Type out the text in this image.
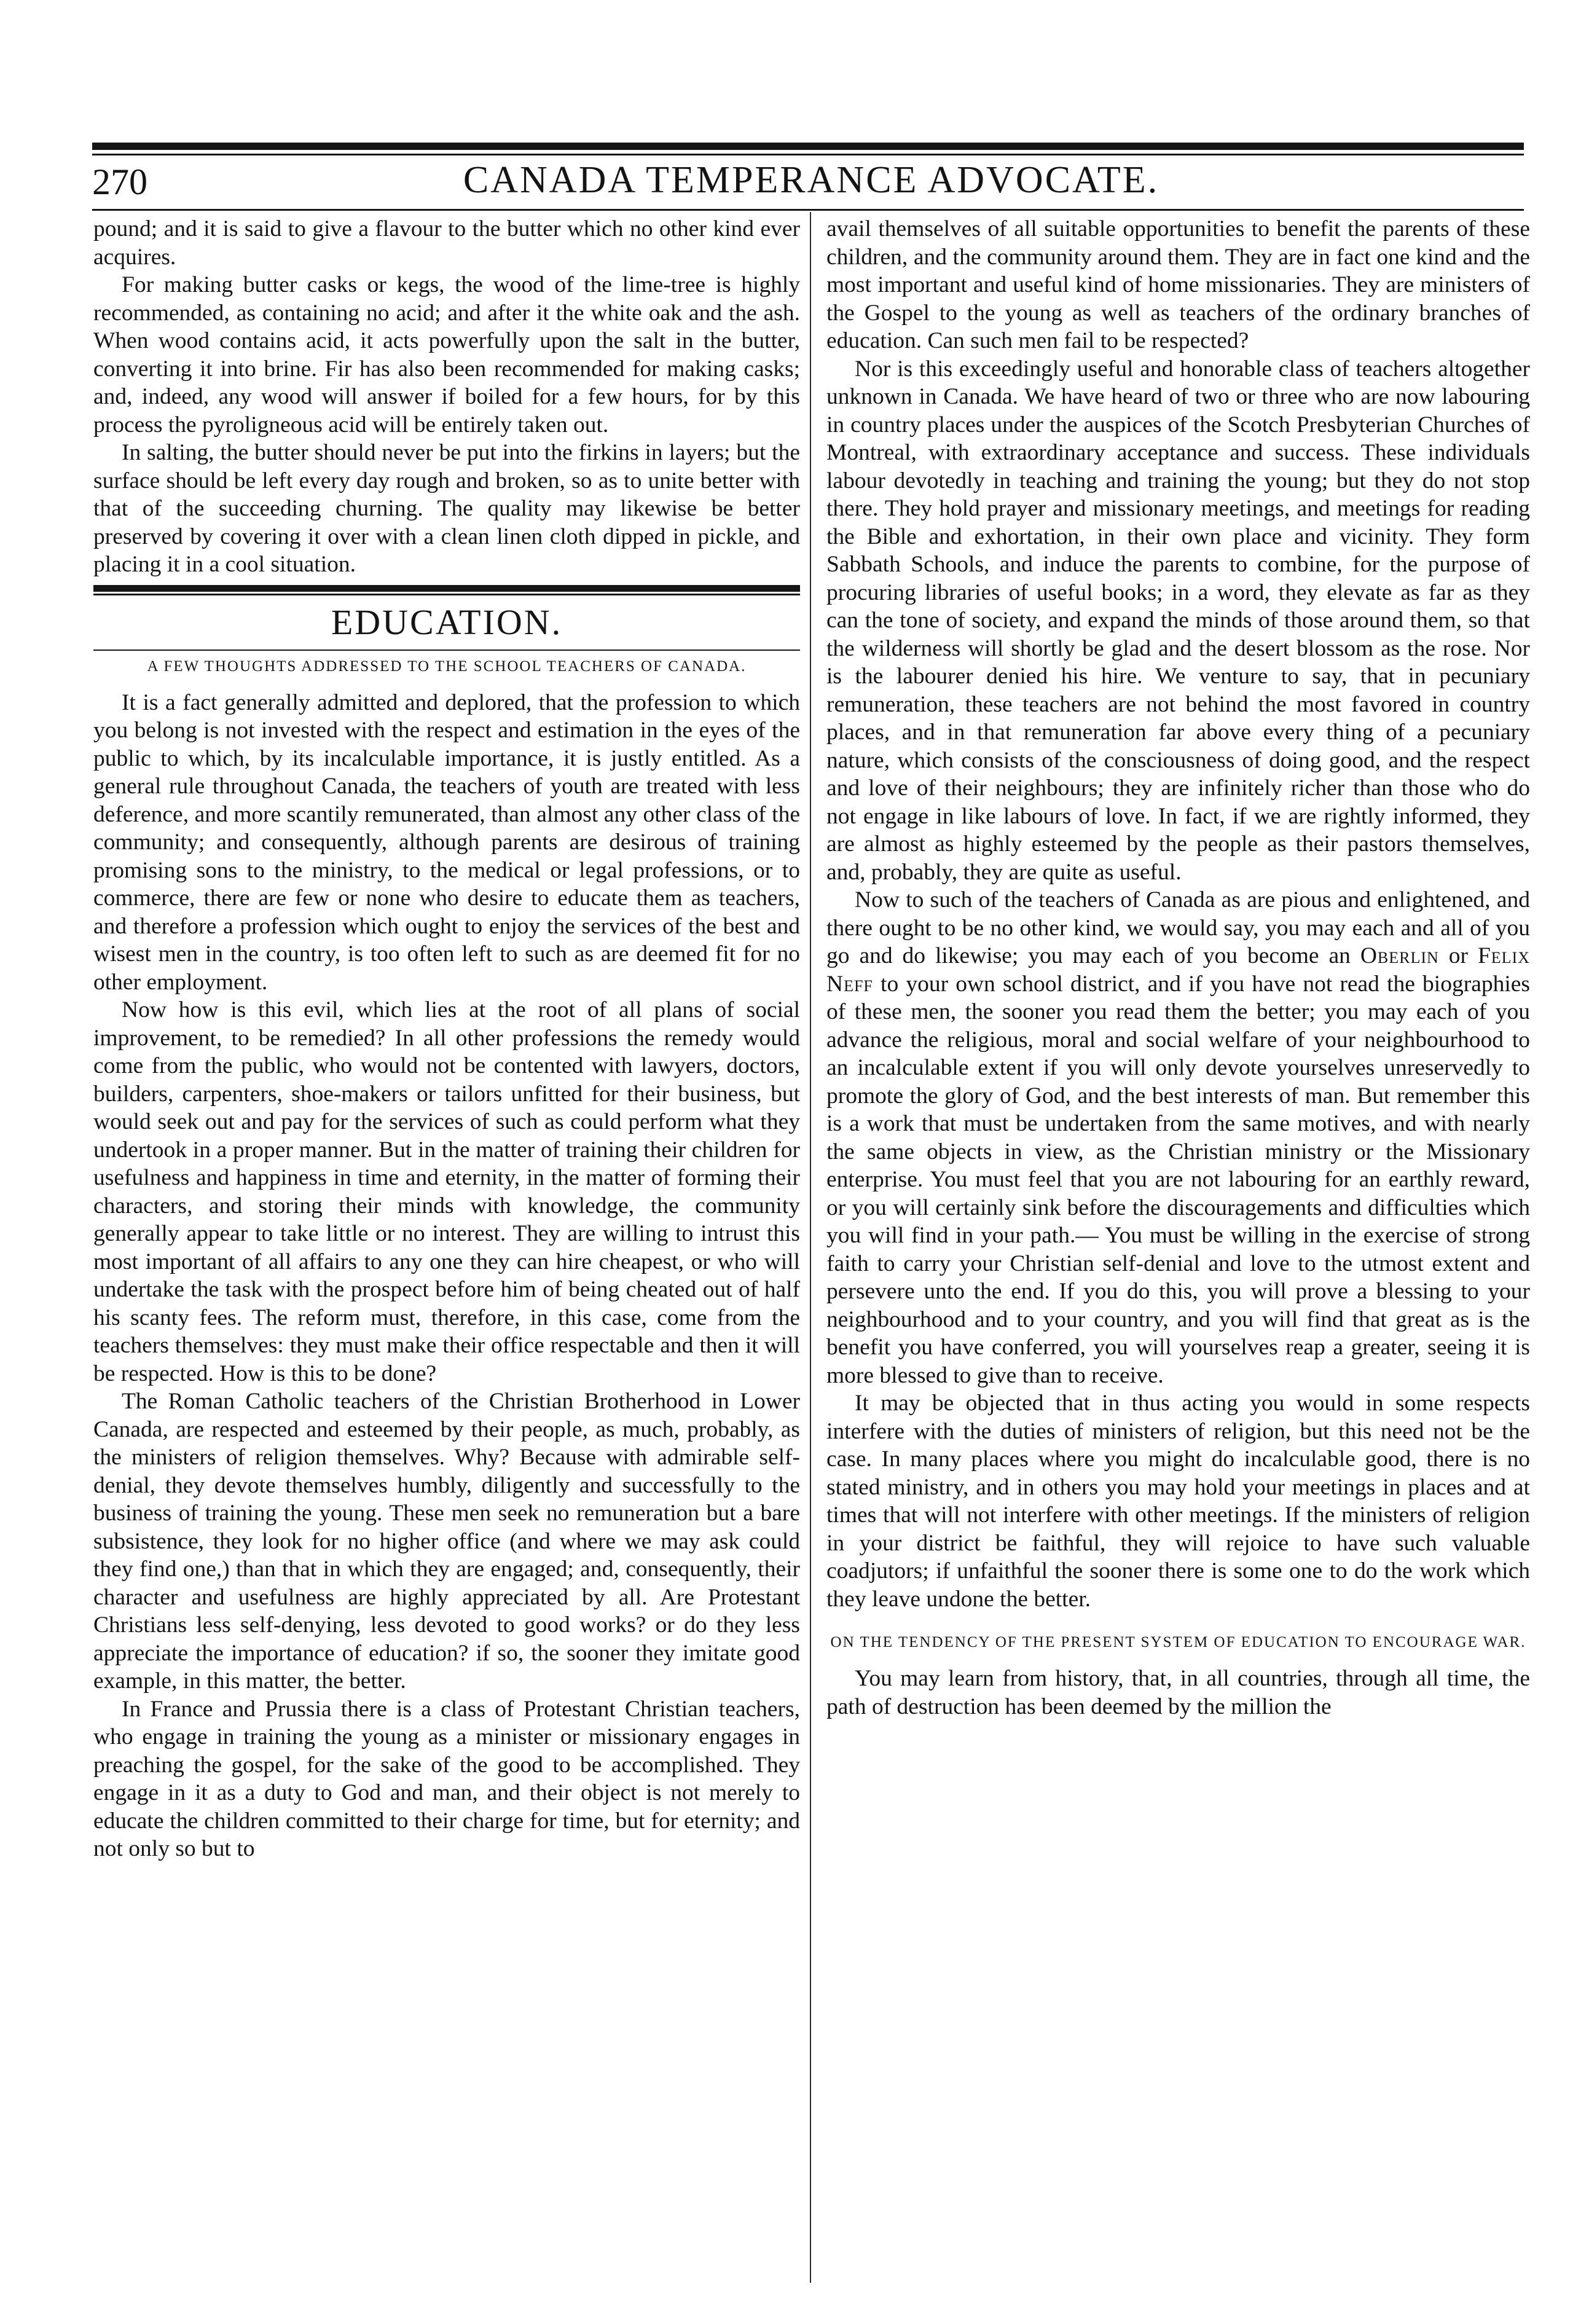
270	CANADA TEMPERANCE ADVOCATE.

pound; and it is said to give a flavour to the butter which no other kind ever acquires.

For making butter casks or kegs, the wood of the lime-tree is highly recommended, as containing no acid; and after it the white oak and the ash. When wood contains acid, it acts powerfully upon the salt in the butter, converting it into brine. Fir has also been recommended for making casks; and, indeed, any wood will answer if boiled for a few hours, for by this process the pyroligneous acid will be entirely taken out.

In salting, the butter should never be put into the firkins in layers; but the surface should be left every day rough and broken, so as to unite better with that of the succeeding churning. The quality may likewise be better preserved by covering it over with a clean linen cloth dipped in pickle, and placing it in a cool situation.

EDUCATION.
A FEW THOUGHTS ADDRESSED TO THE SCHOOL TEACHERS OF CANADA.

It is a fact generally admitted and deplored, that the profession to which you belong is not invested with the respect and estimation in the eyes of the public to which, by its incalculable importance, it is justly entitled. As a general rule throughout Canada, the teachers of youth are treated with less deference, and more scantily remunerated, than almost any other class of the community; and consequently, although parents are desirous of training promising sons to the ministry, to the medical or legal professions, or to commerce, there are few or none who desire to educate them as teachers, and therefore a profession which ought to enjoy the services of the best and wisest men in the country, is too often left to such as are deemed fit for no other employment.

Now how is this evil, which lies at the root of all plans of social improvement, to be remedied? In all other professions the remedy would come from the public, who would not be contented with lawyers, doctors, builders, carpenters, shoe-makers or tailors unfitted for their business, but would seek out and pay for the services of such as could perform what they undertook in a proper manner. But in the matter of training their children for usefulness and happiness in time and eternity, in the matter of forming their characters, and storing their minds with knowledge, the community generally appear to take little or no interest. They are willing to intrust this most important of all affairs to any one they can hire cheapest, or who will undertake the task with the prospect before him of being cheated out of half his scanty fees. The reform must, therefore, in this case, come from the teachers themselves: they must make their office respectable and then it will be respected. How is this to be done?

The Roman Catholic teachers of the Christian Brotherhood in Lower Canada, are respected and esteemed by their people, as much, probably, as the ministers of religion themselves. Why? Because with admirable self-denial, they devote themselves humbly, diligently and successfully to the business of training the young. These men seek no remuneration but a bare subsistence, they look for no higher office (and where we may ask could they find one,) than that in which they are engaged; and, consequently, their character and usefulness are highly appreciated by all. Are Protestant Christians less self-denying, less devoted to good works? or do they less appreciate the importance of education? if so, the sooner they imitate good example, in this matter, the better.

In France and Prussia there is a class of Protestant Christian teachers, who engage in training the young as a minister or missionary engages in preaching the gospel, for the sake of the good to be accomplished. They engage in it as a duty to God and man, and their object is not merely to educate the children committed to their charge for time, but for eternity; and not only so but to

avail themselves of all suitable opportunities to benefit the parents of these children, and the community around them. They are in fact one kind and the most important and useful kind of home missionaries. They are ministers of the Gospel to the young as well as teachers of the ordinary branches of education. Can such men fail to be respected?

Nor is this exceedingly useful and honorable class of teachers altogether unknown in Canada. We have heard of two or three who are now labouring in country places under the auspices of the Scotch Presbyterian Churches of Montreal, with extraordinary acceptance and success. These individuals labour devotedly in teaching and training the young; but they do not stop there. They hold prayer and missionary meetings, and meetings for reading the Bible and exhortation, in their own place and vicinity. They form Sabbath Schools, and induce the parents to combine, for the purpose of procuring libraries of useful books; in a word, they elevate as far as they can the tone of society, and expand the minds of those around them, so that the wilderness will shortly be glad and the desert blossom as the rose. Nor is the labourer denied his hire. We venture to say, that in pecuniary remuneration, these teachers are not behind the most favored in country places, and in that remuneration far above every thing of a pecuniary nature, which consists of the consciousness of doing good, and the respect and love of their neighbours; they are infinitely richer than those who do not engage in like labours of love. In fact, if we are rightly informed, they are almost as highly esteemed by the people as their pastors themselves, and, probably, they are quite as useful.

Now to such of the teachers of Canada as are pious and enlightened, and there ought to be no other kind, we would say, you may each and all of you go and do likewise; you may each of you become an Oberlin or Felix Neff to your own school district, and if you have not read the biographies of these men, the sooner you read them the better; you may each of you advance the religious, moral and social welfare of your neighbourhood to an incalculable extent if you will only devote yourselves unreservedly to promote the glory of God, and the best interests of man. But remember this is a work that must be undertaken from the same motives, and with nearly the same objects in view, as the Christian ministry or the Missionary enterprise. You must feel that you are not labouring for an earthly reward, or you will certainly sink before the discouragements and difficulties which you will find in your path.— You must be willing in the exercise of strong faith to carry your Christian self-denial and love to the utmost extent and persevere unto the end. If you do this, you will prove a blessing to your neighbourhood and to your country, and you will find that great as is the benefit you have conferred, you will yourselves reap a greater, seeing it is more blessed to give than to receive.

It may be objected that in thus acting you would in some respects interfere with the duties of ministers of religion, but this need not be the case. In many places where you might do incalculable good, there is no stated ministry, and in others you may hold your meetings in places and at times that will not interfere with other meetings. If the ministers of religion in your district be faithful, they will rejoice to have such valuable coadjutors; if unfaithful the sooner there is some one to do the work which they leave undone the better.

ON THE TENDENCY OF THE PRESENT SYSTEM OF EDUCATION TO ENCOURAGE WAR.

You may learn from history, that, in all countries, through all time, the path of destruction has been deemed by the million the
